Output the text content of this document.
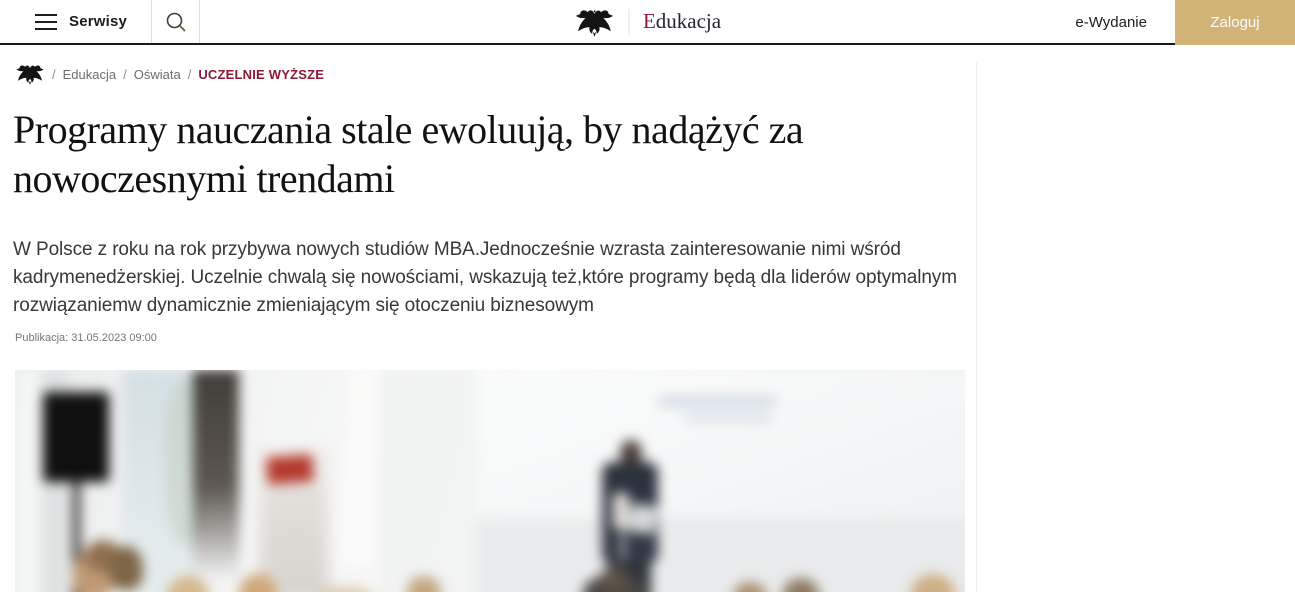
Serwisy	Edukacja	e-Wydanie	Zaloguj
/ Edukacja / Oświata / UCZELNIE WYŻSZE
Programy nauczania stale ewoluują, by nadążyć za nowoczesnymi trendami

W Polsce z roku na rok przybywa nowych studiów MBA.Jednocześnie wzrasta zainteresowanie nimi wśród kadrymenedżerskiej. Uczelnie chwalą się nowościami, wskazują też,które programy będą dla liderów optymalnym rozwiązaniemw dynamicznie zmieniającym się otoczeniu biznesowym

Publikacja: 31.05.2023 09:00
